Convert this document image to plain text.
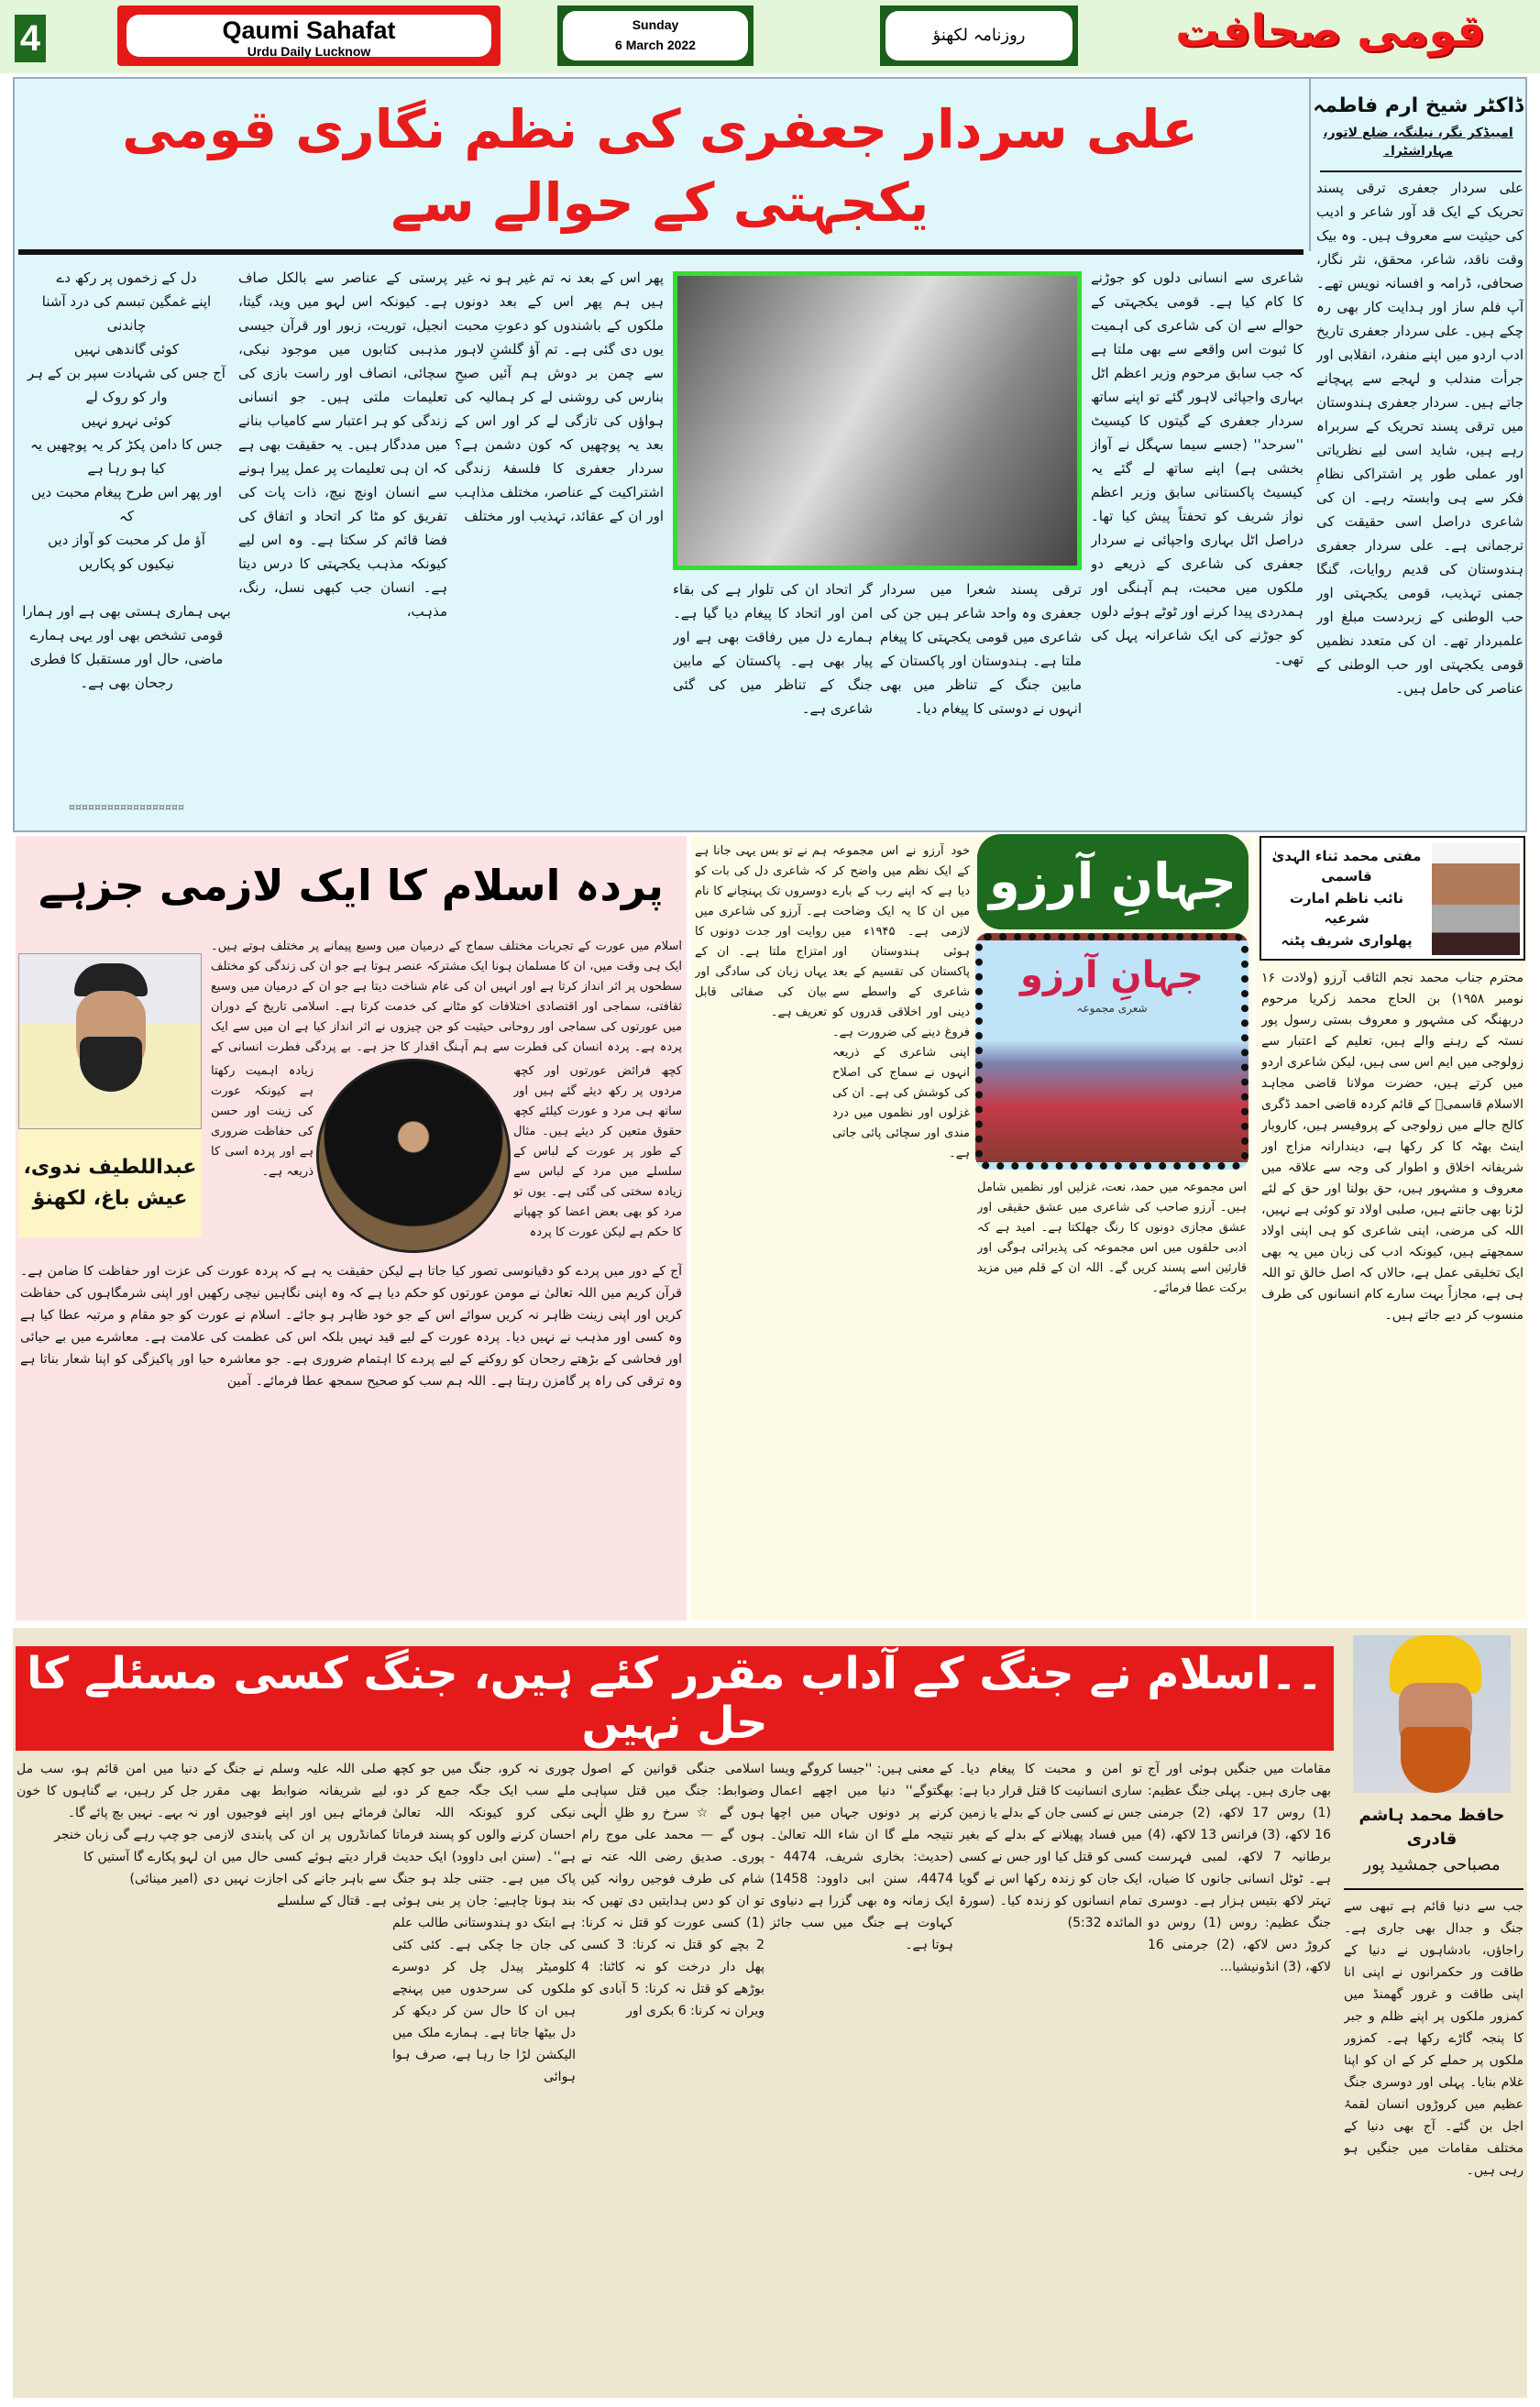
4	Qaumi Sahafat
Urdu Daily Lucknow
Sunday
6 March 2022	روزنامہ لکھنؤ	قومی صحافت
علی سردار جعفری کی نظم نگاری قومی یکجہتی کے حوالے سے
ڈاکٹر شیخ ارم فاطمہ
امبیڈکر نگر، نیلنگہ، ضلع لاتور، مہاراشٹرا۔
علی سردار جعفری ترقی پسند تحریک کے ایک قد آور شاعر و ادیب کی حیثیت سے معروف ہیں۔ وہ بیک وقت ناقد، شاعر، محقق، نثر نگار، صحافی، ڈرامہ و افسانہ نویس تھے۔ آپ فلم ساز اور ہدایت کار بھی رہ چکے ہیں۔ علی سردار جعفری تاریخ ادب اردو میں اپنے منفرد، انقلابی اور جرأت مندلب و لہجے سے پہچانے جاتے ہیں۔ سردار جعفری ہندوستان میں ترقی پسند تحریک کے سربراہ رہے ہیں، شاید اسی لیے نظریاتی اور عملی طور پر اشتراکی نظامِ فکر سے ہی وابستہ رہے۔ ان کی شاعری دراصل اسی حقیقت کی ترجمانی ہے۔ علی سردار جعفری ہندوستان کی قدیم روایات، گنگا جمنی تہذیب، قومی یکجہتی اور حب الوطنی کے زبردست مبلغ اور علمبردار تھے۔ ان کی متعدد نظمیں قومی یکجہتی اور حب الوطنی کے عناصر کی حامل ہیں۔
شاعری سے انسانی دلوں کو جوڑنے کا کام کیا ہے۔ قومی یکجہتی کے حوالے سے ان کی شاعری کی اہمیت کا ثبوت اس واقعے سے بھی ملتا ہے کہ جب سابق مرحوم وزیر اعظم اٹل بہاری واجپائی لاہور گئے تو اپنے ساتھ سردار جعفری کے گیتوں کا کیسیٹ ''سرحد'' (جسے سیما سہگل نے آواز بخشی ہے) اپنے ساتھ لے گئے یہ کیسیٹ پاکستانی سابق وزیر اعظم نواز شریف کو تحفتاً پیش کیا تھا۔ دراصل اٹل بہاری واجپائی نے سردار جعفری کی شاعری کے ذریعے دو ملکوں میں محبت، ہم آہنگی اور ہمدردی پیدا کرنے اور ٹوٹے ہوئے دلوں کو جوڑنے کی ایک شاعرانہ پہل کی تھی۔
ترقی پسند شعرا میں سردار جعفری وہ واحد شاعر ہیں جن کی شاعری میں قومی یکجہتی کا پیغام ملتا ہے۔ ہندوستان اور پاکستان کے مابین جنگ کے تناظر میں بھی انہوں نے دوستی کا پیغام دیا۔
گر اتحاد ان کی تلوار ہے کی بقاء امن اور اتحاد کا پیغام دیا گیا ہے۔ ہمارے دل میں رفاقت بھی ہے اور پیار بھی ہے۔ پاکستان کے مابین جنگ کے تناظر میں کی گئی شاعری ہے۔
پھر اس کے بعد نہ تم غیر ہو نہ غیر ہیں ہم پھر اس کے بعد دونوں ملکوں کے باشندوں کو دعوتِ محبت یوں دی گئی ہے۔ تم آؤ گلشنِ لاہور سے چمن بر دوش ہم آئیں صبحِ بنارس کی روشنی لے کر ہمالیہ کی ہواؤں کی تازگی لے کر اور اس کے بعد یہ پوچھیں کہ کون دشمن ہے؟ سردار جعفری کا فلسفۂ زندگی اشتراکیت کے عناصر، مختلف مذاہب اور ان کے عقائد، تہذیب اور مختلف
پرستی کے عناصر سے بالکل صاف ہے۔ کیونکہ اس لہو میں وید، گیتا، انجیل، توریت، زبور اور قرآن جیسی مذہبی کتابوں میں موجود نیکی، سچائی، انصاف اور راست بازی کی تعلیمات ملتی ہیں۔ جو انسانی زندگی کو ہر اعتبار سے کامیاب بنانے میں مددگار ہیں۔ یہ حقیقت بھی ہے کہ ان ہی تعلیمات پر عمل پیرا ہونے سے انسان اونچ نیچ، ذات پات کی تفریق کو مٹا کر اتحاد و اتفاق کی فضا قائم کر سکتا ہے۔ وہ اس لیے کیونکہ مذہب یکجہتی کا درس دیتا ہے۔ انسان جب کبھی نسل، رنگ، مذہب،
دل کے زخموں پر رکھ دے
اپنے غمگین تبسم کی درد آشنا چاندنی
کوئی گاندھی نہیں
آج جس کی شہادت سپر بن کے ہر وار کو روک لے
کوئی نہرو نہیں
جس کا دامن پکڑ کر یہ پوچھیں یہ کیا ہو رہا ہے
اور پھر اس طرح پیغام محبت دیں کہ
آؤ مل کر محبت کو آواز دیں
نیکیوں کو پکاریں

بہی ہماری ہستی بھی ہے اور ہمارا قومی تشخص بھی اور یہی ہمارے ماضی، حال اور مستقبل کا فطری رجحان بھی ہے۔
¤¤¤¤¤¤¤¤¤¤¤¤¤¤¤¤¤¤
پردہ اسلام کا ایک لازمی جزہے
عبداللطیف ندوی،
عیش باغ، لکھنؤ
اسلام میں عورت کے تجربات مختلف سماج کے درمیان میں وسیع پیمانے پر مختلف ہوتے ہیں۔ ایک ہی وقت میں، ان کا مسلمان ہونا ایک مشترکہ عنصر ہوتا ہے جو ان کی زندگی کو مختلف سطحوں پر اثر انداز کرتا ہے اور انہیں ان کی عام شناخت دیتا ہے جو ان کے درمیان میں وسیع ثقافتی، سماجی اور اقتصادی اختلافات کو مٹانے کی خدمت کرتا ہے۔ اسلامی تاریخ کے دوران میں عورتوں کی سماجی اور روحانی حیثیت کو جن چیزوں نے اثر انداز کیا ہے ان میں سے ایک پردہ ہے۔ پردہ انسان کی فطرت سے ہم آہنگ اقدار کا جز ہے۔ بے پردگی فطرت انسانی کے
کچھ فرائض عورتوں اور کچھ مردوں پر رکھ دیئے گئے ہیں اور ساتھ ہی مرد و عورت کیلئے کچھ حقوق متعین کر دیئے ہیں۔ مثال کے طور پر عورت کے لباس کے سلسلے میں مرد کے لباس سے زیادہ سختی کی گئی ہے۔ یوں تو مرد کو بھی بعض اعضا کو چھپانے کا حکم ہے لیکن عورت کا پردہ
زیادہ اہمیت رکھتا ہے کیونکہ عورت کی زینت اور حسن کی حفاظت ضروری ہے اور پردہ اسی کا ذریعہ ہے۔
آج کے دور میں پردے کو دقیانوسی تصور کیا جاتا ہے لیکن حقیقت یہ ہے کہ پردہ عورت کی عزت اور حفاظت کا ضامن ہے۔ قرآن کریم میں اللہ تعالیٰ نے مومن عورتوں کو حکم دیا ہے کہ وہ اپنی نگاہیں نیچی رکھیں اور اپنی شرمگاہوں کی حفاظت کریں اور اپنی زینت ظاہر نہ کریں سوائے اس کے جو خود ظاہر ہو جائے۔ اسلام نے عورت کو جو مقام و مرتبہ عطا کیا ہے وہ کسی اور مذہب نے نہیں دیا۔ پردہ عورت کے لیے قید نہیں بلکہ اس کی عظمت کی علامت ہے۔ معاشرے میں بے حیائی اور فحاشی کے بڑھتے رجحان کو روکنے کے لیے پردے کا اہتمام ضروری ہے۔ جو معاشرہ حیا اور پاکیزگی کو اپنا شعار بناتا ہے وہ ترقی کی راہ پر گامزن رہتا ہے۔ اللہ ہم سب کو صحیح سمجھ عطا فرمائے۔ آمین
خود آرزو نے اس مجموعہ کے ایک نظم میں واضح کر دیا ہے کہ اپنے رب کے بارے میں ان کا یہ ایک وضاحت لازمی ہے۔ ۱۹۴۵ء میں ہوئی ہندوستان اور پاکستان کی تقسیم کے بعد شاعری کے واسطے سے دینی اور اخلاقی قدروں کو فروغ دینے کی ضرورت ہے۔ اپنی شاعری کے ذریعہ انہوں نے سماج کی اصلاح کی کوشش کی ہے۔ ان کی غزلوں اور نظموں میں درد مندی اور سچائی پائی جاتی ہے۔
ہم نے تو بس یہی جانا ہے کہ شاعری دل کی بات کو دوسروں تک پہنچانے کا نام ہے۔ آرزو کی شاعری میں روایت اور جدت دونوں کا امتزاج ملتا ہے۔ ان کے یہاں زبان کی سادگی اور بیان کی صفائی قابل تعریف ہے۔
جہانِ آرزو
جہانِ آرزو
شعری مجموعہ
اس مجموعہ میں حمد، نعت، غزلیں اور نظمیں شامل ہیں۔ آرزو صاحب کی شاعری میں عشق حقیقی اور عشق مجازی دونوں کا رنگ جھلکتا ہے۔ امید ہے کہ ادبی حلقوں میں اس مجموعہ کی پذیرائی ہوگی اور قارئین اسے پسند کریں گے۔ اللہ ان کے قلم میں مزید برکت عطا فرمائے۔
مفتی محمد ثناء الہدیٰ قاسمی
نائب ناظم امارت شرعیہ
پھلواری شریف پٹنہ
محترم جناب محمد نجم الثاقب آرزو (ولادت ۱۶ نومبر ۱۹۵۸) بن الحاج محمد زکریا مرحوم دربھنگہ کی مشہور و معروف بستی رسول پور نستہ کے رہنے والے ہیں، تعلیم کے اعتبار سے زولوجی میں ایم اس سی ہیں، لیکن شاعری اردو میں کرتے ہیں، حضرت مولانا قاضی مجاہد الاسلام قاسمیؒ کے قائم کردہ قاضی احمد ڈگری کالج جالے میں زولوجی کے پروفیسر ہیں، کاروبار اینٹ بھٹہ کا کر رکھا ہے، دیندارانہ مزاج اور شریفانہ اخلاق و اطوار کی وجہ سے علاقہ میں معروف و مشہور ہیں، حق بولنا اور حق کے لئے لڑنا بھی جانتے ہیں، صلبی اولاد تو کوئی ہے نہیں، اللہ کی مرضی، اپنی شاعری کو ہی اپنی اولاد سمجھتے ہیں، کیونکہ ادب کی زبان میں یہ بھی ایک تخلیقی عمل ہے، حالاں کہ اصل خالق تو اللہ ہی ہے، مجازاً بہت سارے کام انسانوں کی طرف منسوب کر دیے جاتے ہیں۔
۔۔اسلام نے جنگ کے آداب مقرر کئے ہیں، جنگ کسی مسئلے کا حل نہیں
حافظ محمد ہاشم قادری
مصباحی جمشید پور
جب سے دنیا قائم ہے تبھی سے جنگ و جدال بھی جاری ہے۔ راجاؤں، بادشاہوں نے دنیا کے طاقت ور حکمرانوں نے اپنی انا اپنی طاقت و غرور گھمنڈ میں کمزور ملکوں پر اپنے ظلم و جبر کا پنجہ گاڑے رکھا ہے۔ کمزور ملکوں پر حملے کر کے ان کو اپنا غلام بنایا۔ پہلی اور دوسری جنگ عظیم میں کروڑوں انسان لقمۂ اجل بن گئے۔ آج بھی دنیا کے مختلف مقامات میں جنگیں ہو رہی ہیں۔
مقامات میں جنگیں ہوئی اور آج بھی جاری ہیں۔ پہلی جنگ عظیم: (1) روس 17 لاکھ، (2) جرمنی 16 لاکھ، (3) فرانس 13 لاکھ، (4) برطانیہ 7 لاکھ، لمبی فہرست ہے۔ ٹوٹل انسانی جانوں کا ضیاں، تہتر لاکھ بتیس ہزار ہے۔ دوسری جنگ عظیم: روس (1) روس دو کروڑ دس لاکھ، (2) جرمنی 16 لاکھ، (3) انڈونیشیا...
تو امن و محبت کا پیغام دیا۔ ساری انسانیت کا قتل قرار دیا ہے: جس نے کسی جان کے بدلے یا زمین میں فساد پھیلانے کے بدلے کے بغیر کسی کو قتل کیا اور جس نے کسی ایک جان کو زندہ رکھا اس نے گویا تمام انسانوں کو زندہ کیا۔ (سورۃ المائدہ 5:32)
کے معنی ہیں: ''جیسا کروگے ویسا بھگتوگے'' دنیا میں اچھے اعمال کرنے پر دونوں جہاں میں اچھا نتیجہ ملے گا ان شاء اللہ تعالیٰ۔ (حدیث: بخاری شریف، 4474 - 4474، سنن ابی داوود: 1458) ایک زمانہ وہ بھی گزرا ہے دنیاوی کہاوت ہے جنگ میں سب جائز ہوتا ہے۔
اسلامی جنگی قوانین کے اصول وضوابط: جنگ میں قتل سپاہی ہوں گے ☆ سرخ رو ظلِ الٰہی ہوں گے — محمد علی موج رام پوری۔ صدیق رضی اللہ عنہ نے شام کی طرف فوجیں روانہ کیں تو ان کو دس ہدایتیں دی تھیں کہ (1) کسی عورت کو قتل نہ کرنا: 2 بچے کو قتل نہ کرنا: 3 کسی پھل دار درخت کو نہ کاٹنا: 4 بوڑھے کو قتل نہ کرنا: 5 آبادی کو ویران نہ کرنا: 6 بکری اور
چوری نہ کرو، جنگ میں جو کچھ ملے سب ایک جگہ جمع کر دو، نیکی کرو کیونکہ اللہ تعالیٰ احسان کرنے والوں کو پسند فرماتا ہے''۔ (سنن ابی داوود) ایک حدیث پاک میں ہے۔ جتنی جلد ہو جنگ بند ہونا چاہیے: جان پر بنی ہوئی ہے ابتک دو ہندوستانی طالب علم کی جان جا چکی ہے۔ کئی کئی کلومیٹر پیدل چل کر دوسرے ملکوں کی سرحدوں میں پہنچے ہیں ان کا حال سن کر دیکھ کر دل بیٹھا جاتا ہے۔ ہمارے ملک میں الیکشن لڑا جا رہا ہے، صرف ہوا ہوائی
صلی اللہ علیہ وسلم نے جنگ کے لیے شریفانہ ضوابط بھی مقرر فرمائے ہیں اور اپنے فوجیوں اور کمانڈروں پر ان کی پابندی لازمی قرار دیتے ہوئے کسی حال میں ان سے باہر جانے کی اجازت نہیں دی ہے۔ قتال کے سلسلے
دنیا میں امن قائم ہو، سب مل جل کر رہیں، بے گناہوں کا خون نہ بہے۔ نہیں بچ پائے گا۔
جو چپ رہے گی زبان خنجر
لہو پکارے گا آستیں کا
(امیر مینائی)
